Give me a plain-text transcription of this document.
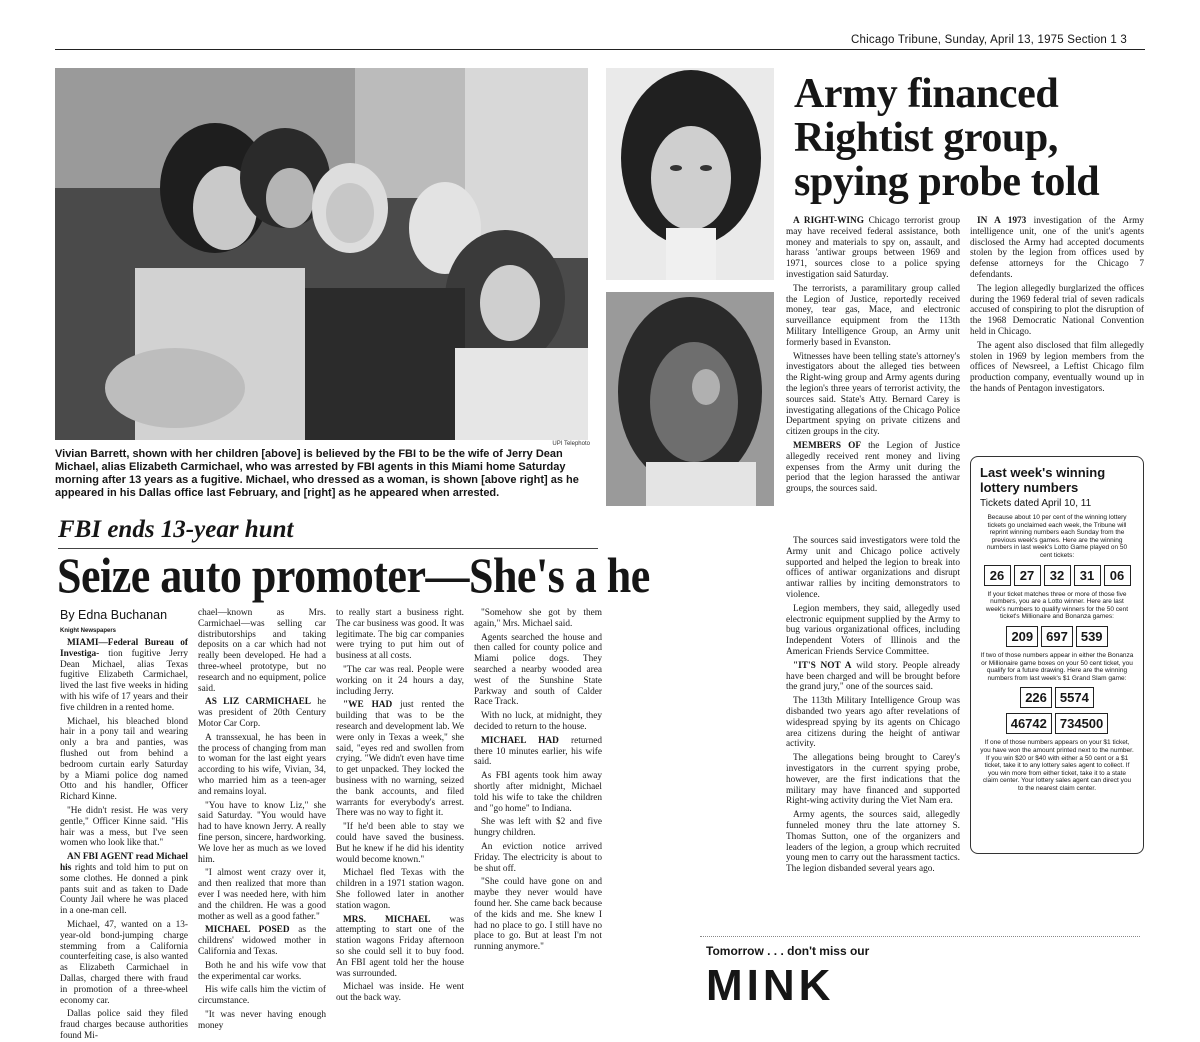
Chicago Tribune, Sunday, April 13, 1975 Section 1 3
UPI Telephoto
Vivian Barrett, shown with her children [above] is believed by the FBI to be the wife of Jerry Dean Michael, alias Elizabeth Carmichael, who was arrested by FBI agents in this Miami home Saturday morning after 13 years as a fugitive. Michael, who dressed as a woman, is shown [above right] as he appeared in his Dallas office last February, and [right] as he appeared when arrested.
FBI ends 13-year hunt
Seize auto promoter—She's a he
By Edna Buchanan
Knight Newspapers

MIAMI—Federal Bureau of Investiga- tion fugitive Jerry Dean Michael, alias Texas fugitive Elizabeth Carmichael, lived the last five weeks in hiding with his wife of 17 years and their five children in a rented home.

Michael, his bleached blond hair in a pony tail and wearing only a bra and panties, was flushed out from behind a bedroom curtain early Saturday by a Miami police dog named Otto and his handler, Officer Richard Kinne.

"He didn't resist. He was very gentle," Officer Kinne said. "His hair was a mess, but I've seen women who look like that."

AN FBI AGENT read Michael his rights and told him to put on some clothes. He donned a pink pants suit and as taken to Dade County Jail where he was placed in a one-man cell.

Michael, 47, wanted on a 13-year-old bond-jumping charge stemming from a California counterfeiting case, is also wanted as Elizabeth Carmichael in Dallas, charged there with fraud in promotion of a three-wheel economy car.

Dallas police said they filed fraud charges because authorities found Mi-

chael—known as Mrs. Carmichael—was selling car distributorships and taking deposits on a car which had not really been developed. He had a three-wheel prototype, but no research and no equipment, police said.

AS LIZ CARMICHAEL he was president of 20th Century Motor Car Corp.

A transsexual, he has been in the process of changing from man to woman for the last eight years according to his wife, Vivian, 34, who married him as a teen-ager and remains loyal.

"You have to know Liz," she said Saturday. "You would have had to have known Jerry. A really fine person, sincere, hardworking. We love her as much as we loved him.

"I almost went crazy over it, and then realized that more than ever I was needed here, with him and the children. He was a good mother as well as a good father."

MICHAEL POSED as the childrens' widowed mother in California and Texas.

Both he and his wife vow that the experimental car works.

His wife calls him the victim of circumstance.

"It was never having enough money

to really start a business right. The car business was good. It was legitimate. The big car companies were trying to put him out of business at all costs.

"The car was real. People were working on it 24 hours a day, including Jerry.

"WE HAD just rented the building that was to be the research and development lab. We were only in Texas a week," she said, "eyes red and swollen from crying. "We didn't even have time to get unpacked. They locked the business with no warning, seized the bank accounts, and filed warrants for everybody's arrest. There was no way to fight it.

"If he'd been able to stay we could have saved the business. But he knew if he did his identity would become known."

Michael fled Texas with the children in a 1971 station wagon. She followed later in another station wagon.

MRS. MICHAEL was attempting to start one of the station wagons Friday afternoon so she could sell it to buy food. An FBI agent told her the house was surrounded.

Michael was inside. He went out the back way.

"Somehow she got by them again," Mrs. Michael said.

Agents searched the house and then called for county police and Miami police dogs. They searched a nearby wooded area west of the Sunshine State Parkway and south of Calder Race Track.

With no luck, at midnight, they decided to return to the house.

MICHAEL HAD returned there 10 minutes earlier, his wife said.

As FBI agents took him away shortly after midnight, Michael told his wife to take the children and "go home" to Indiana.

She was left with $2 and five hungry children.

An eviction notice arrived Friday. The electricity is about to be shut off.

"She could have gone on and maybe they never would have found her. She came back because of the kids and me. She knew I had no place to go. I still have no place to go. But at least I'm not running anymore."

Army financed Rightist group, spying probe told

A RIGHT-WING Chicago terrorist group may have received federal assistance, both money and materials to spy on, assault, and harass 'antiwar groups between 1969 and 1971, sources close to a police spying investigation said Saturday.

The terrorists, a paramilitary group called the Legion of Justice, reportedly received money, tear gas, Mace, and electronic surveillance equipment from the 113th Military Intelligence Group, an Army unit formerly based in Evanston.

Witnesses have been telling state's attorney's investigators about the alleged ties between the Right-wing group and Army agents during the legion's three years of terrorist activity, the sources said. State's Atty. Bernard Carey is investigating allegations of the Chicago Police Department spying on private citizens and citizen groups in the city.

MEMBERS OF the Legion of Justice allegedly received rent money and living expenses from the Army unit during the period that the legion harassed the antiwar groups, the sources said.

The sources said investigators were told the Army unit and Chicago police actively supported and helped the legion to break into offices of antiwar organizations and disrupt antiwar rallies by inciting demonstrators to violence.

Legion members, they said, allegedly used electronic equipment supplied by the Army to bug various organizational offices, including Independent Voters of Illinois and the American Friends Service Committee.

"IT'S NOT A wild story. People already have been charged and will be brought before the grand jury," one of the sources said.

The 113th Military Intelligence Group was disbanded two years ago after revelations of widespread spying by its agents on Chicago area citizens during the height of antiwar activity.

The allegations being brought to Carey's investigators in the current spying probe, however, are the first indications that the military may have financed and supported Right-wing activity during the Viet Nam era.

Army agents, the sources said, allegedly funneled money thru the late attorney S. Thomas Sutton, one of the organizers and leaders of the legion, a group which recruited young men to carry out the harassment tactics. The legion disbanded several years ago.

IN A 1973 investigation of the Army intelligence unit, one of the unit's agents disclosed the Army had accepted documents stolen by the legion from offices used by defense attorneys for the Chicago 7 defendants.

The legion allegedly burglarized the offices during the 1969 federal trial of seven radicals accused of conspiring to plot the disruption of the 1968 Democratic National Convention held in Chicago.

The agent also disclosed that film allegedly stolen in 1969 by legion members from the offices of Newsreel, a Leftist Chicago film production company, eventually wound up in the hands of Pentagon investigators.

Last week's winning lottery numbers
Tickets dated April 10, 11
Because about 10 per cent of the winning lottery tickets go unclaimed each week, the Tribune will reprint winning numbers each Sunday from the previous week's games. Here are the winning numbers in last week's Lotto Game played on 50 cent tickets:
26	27	32	31	06
If your ticket matches three or more of those five numbers, you are a Lotto winner. Here are last week's numbers to qualify winners for the 50 cent ticket's Millionaire and Bonanza games:
209	697	539
If two of those numbers appear in either the Bonanza or Millionaire game boxes on your 50 cent ticket, you qualify for a future drawing. Here are the winning numbers from last week's $1 Grand Slam game:
226	5574
46742	734500
If one of those numbers appears on your $1 ticket, you have won the amount printed next to the number. If you win $20 or $40 with either a 50 cent or a $1 ticket, take it to any lottery sales agent to collect. If you win more from either ticket, take it to a state claim center. Your lottery sales agent can direct you to the nearest claim center.
Tomorrow . . . don't miss our
MINK
